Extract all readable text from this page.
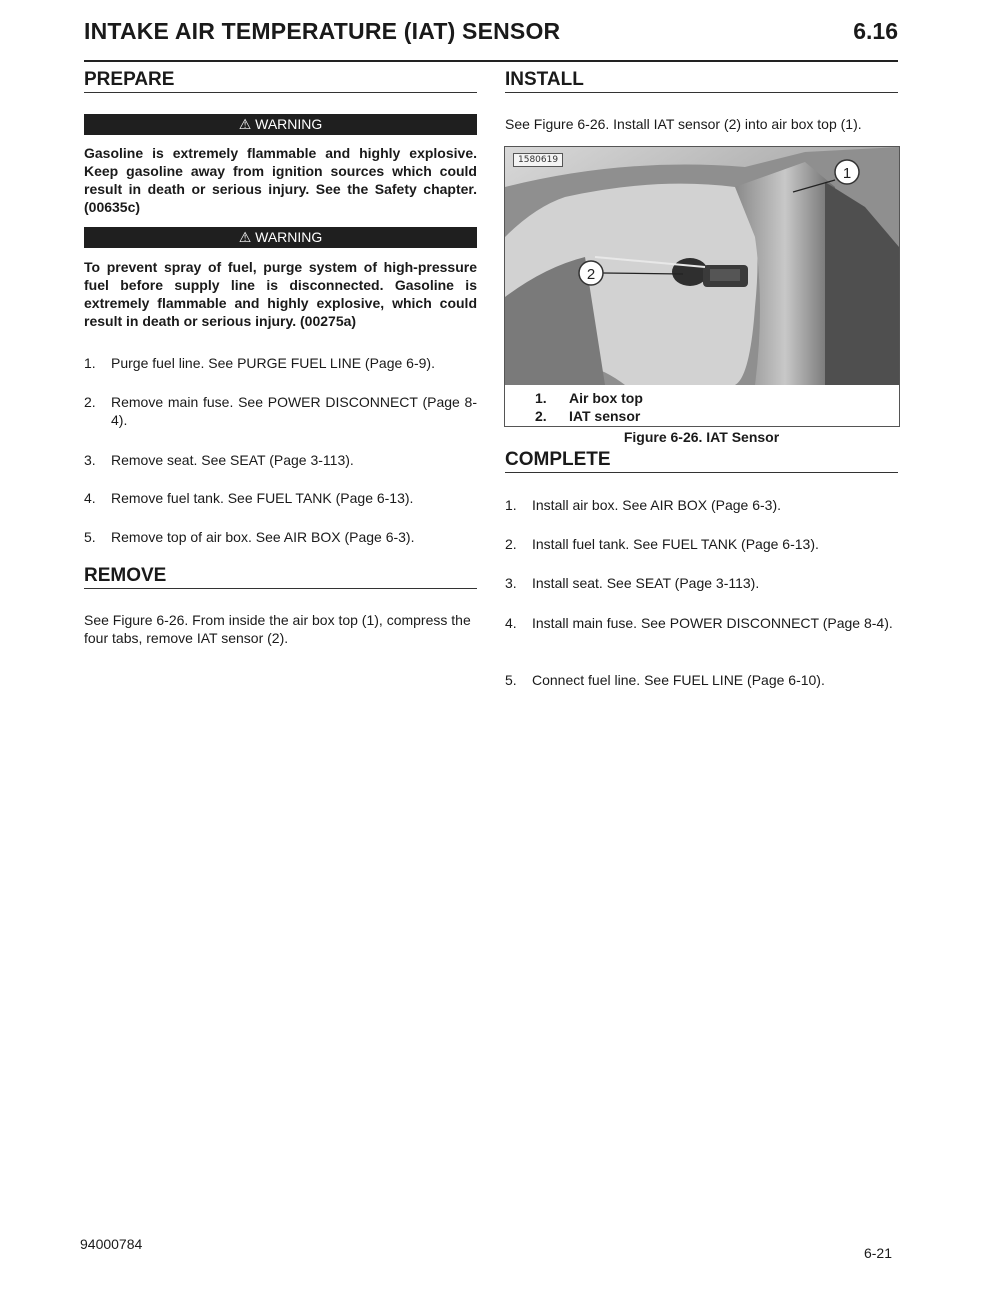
INTAKE AIR TEMPERATURE (IAT) SENSOR	6.16
PREPARE
⚠ WARNING
Gasoline is extremely flammable and highly explosive. Keep gasoline away from ignition sources which could result in death or serious injury. See the Safety chapter. (00635c)
⚠ WARNING
To prevent spray of fuel, purge system of high-pressure fuel before supply line is disconnected. Gasoline is extremely flammable and highly explosive, which could result in death or serious injury. (00275a)
1. Purge fuel line. See PURGE FUEL LINE (Page 6-9).
2. Remove main fuse. See POWER DISCONNECT (Page 8-4).
3. Remove seat. See SEAT (Page 3-113).
4. Remove fuel tank. See FUEL TANK (Page 6-13).
5. Remove top of air box. See AIR BOX (Page 6-3).
REMOVE
See Figure 6-26. From inside the air box top (1), compress the four tabs, remove IAT sensor (2).
INSTALL
See Figure 6-26. Install IAT sensor (2) into air box top (1).
1
2
1580619
1. Air box top
2. IAT sensor
Figure 6-26. IAT Sensor
COMPLETE
1. Install air box. See AIR BOX (Page 6-3).
2. Install fuel tank. See FUEL TANK (Page 6-13).
3. Install seat. See SEAT (Page 3-113).
4. Install main fuse. See POWER DISCONNECT (Page 8-4).
5. Connect fuel line. See FUEL LINE (Page 6-10).
94000784
6-21
